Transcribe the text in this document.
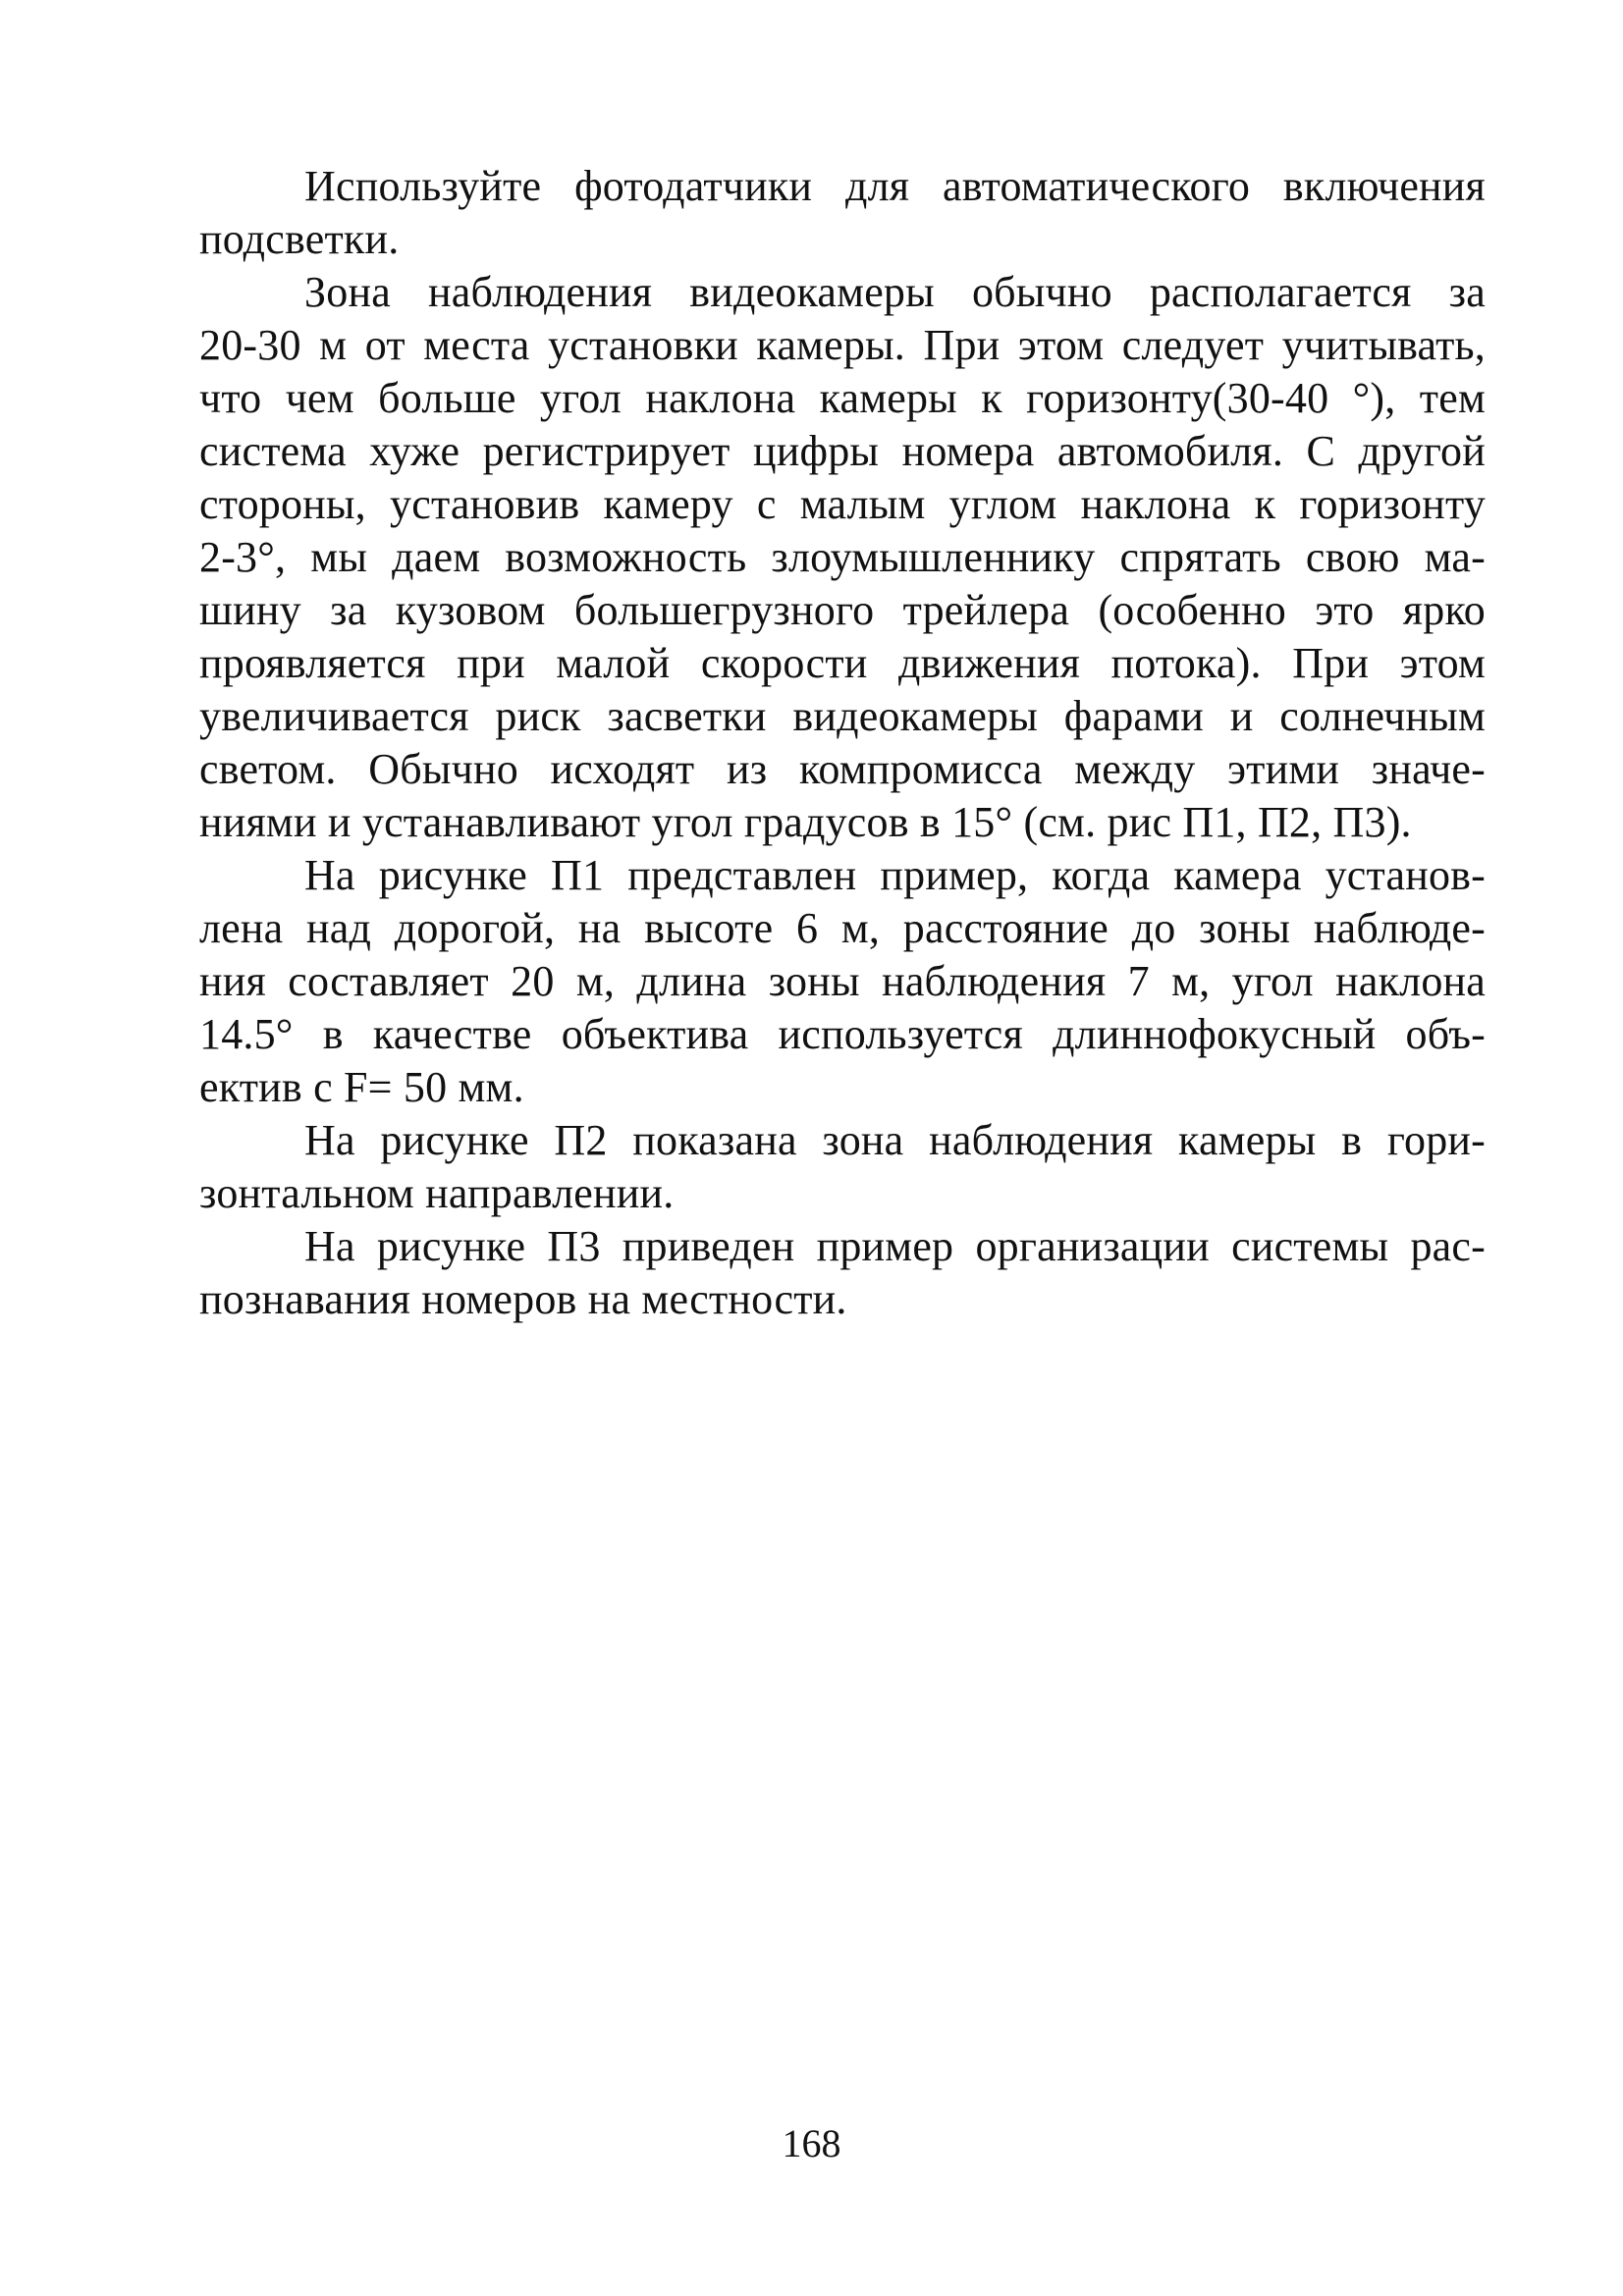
Используйте фотодатчики для автоматического включения
подсветки.
Зона наблюдения видеокамеры обычно располагается за
20-30 м от места установки камеры. При этом следует учитывать,
что чем больше угол наклона камеры к горизонту(30-40 °), тем
система хуже регистрирует цифры номера автомобиля. С другой
стороны, установив камеру с малым углом наклона к горизонту
2-3°, мы даем возможность злоумышленнику спрятать свою ма-
шину за кузовом большегрузного трейлера (особенно это ярко
проявляется при малой скорости движения потока). При этом
увеличивается риск засветки видеокамеры фарами и солнечным
светом. Обычно исходят из компромисса между этими значе-
ниями и устанавливают угол градусов в 15° (см. рис П1, П2, П3).
На рисунке П1 представлен пример, когда камера установ-
лена над дорогой, на высоте 6 м, расстояние до зоны наблюде-
ния составляет 20 м, длина зоны наблюдения 7 м, угол наклона
14.5° в качестве объектива используется длиннофокусный объ-
ектив с F= 50 мм.
На рисунке П2 показана зона наблюдения камеры в гори-
зонтальном направлении.
На рисунке П3 приведен пример организации системы рас-
познавания номеров на местности.
168
